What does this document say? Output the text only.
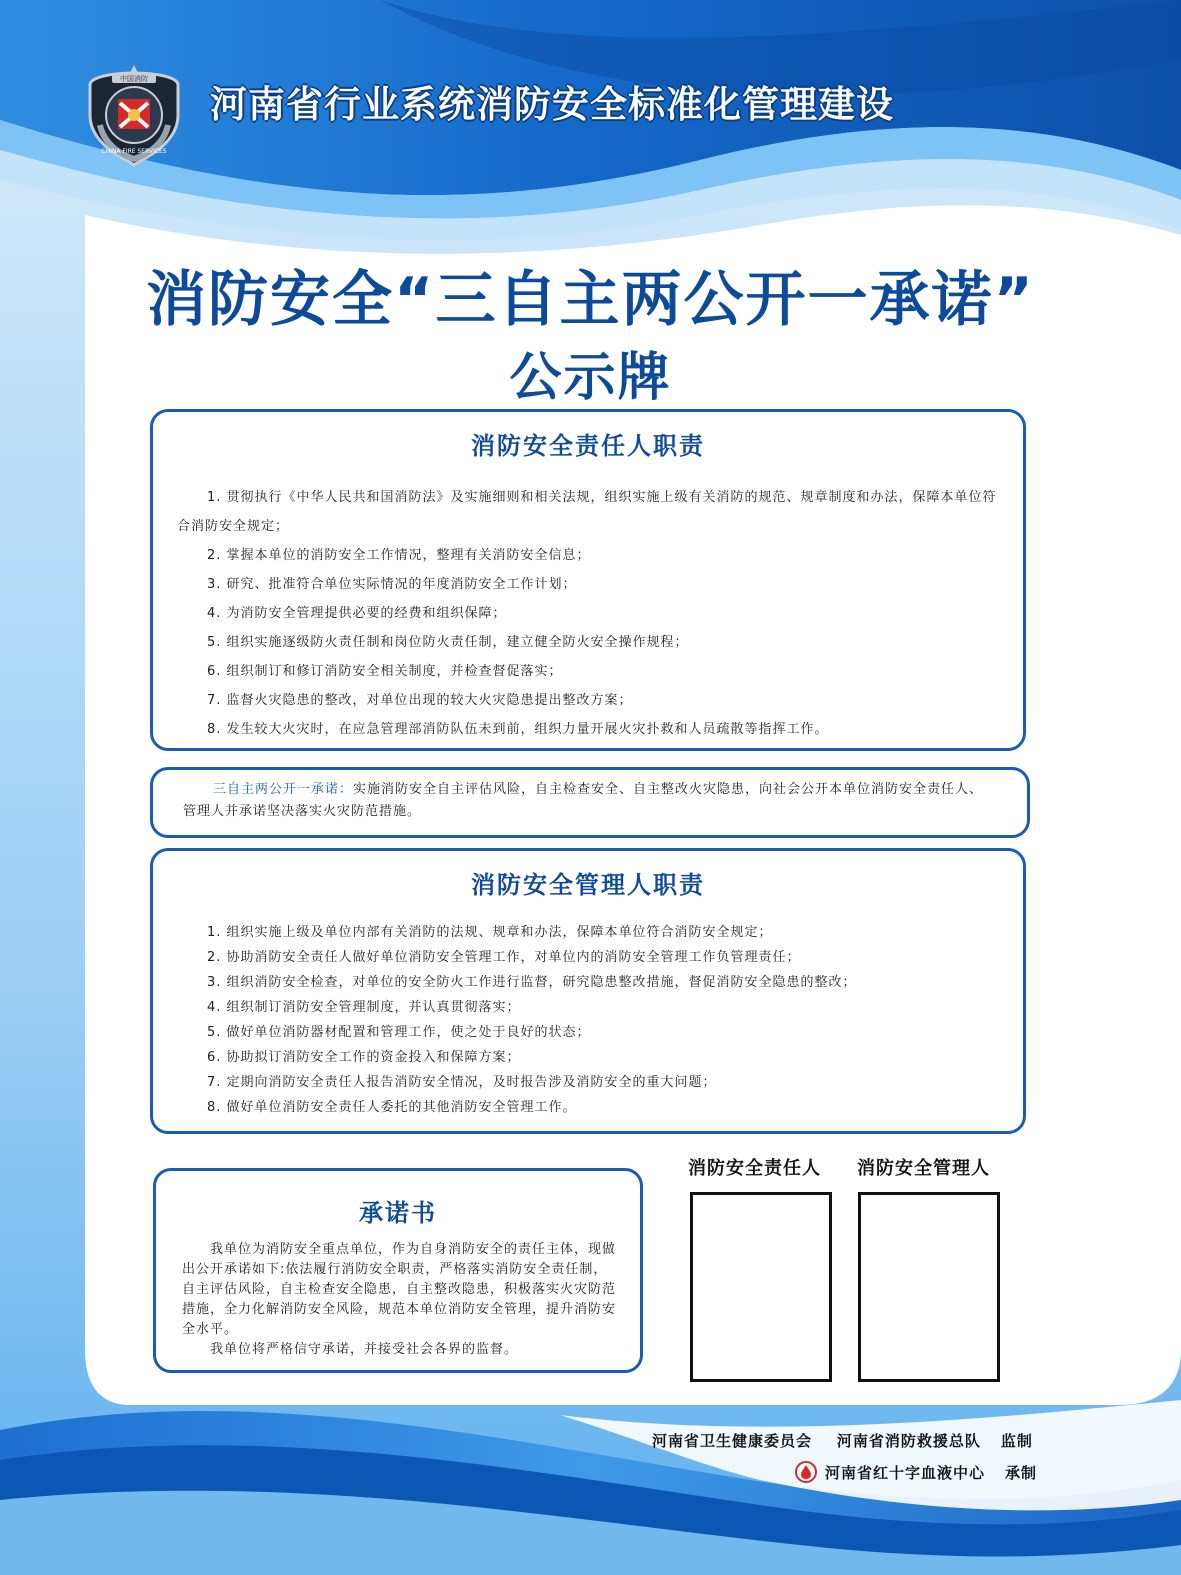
中国消防
CHINA FIRE SERVICES
河南省行业系统消防安全标准化管理建设
消防安全“三自主两公开一承诺”
公示牌
消防安全责任人职责
1. 贯彻执行《中华人民共和国消防法》及实施细则和相关法规，组织实施上级有关消防的规范、规章制度和办法，保障本单位符合消防安全规定；
2. 掌握本单位的消防安全工作情况，整理有关消防安全信息；
3. 研究、批准符合单位实际情况的年度消防安全工作计划；
4. 为消防安全管理提供必要的经费和组织保障；
5. 组织实施逐级防火责任制和岗位防火责任制，建立健全防火安全操作规程；
6. 组织制订和修订消防安全相关制度，并检查督促落实；
7. 监督火灾隐患的整改，对单位出现的较大火灾隐患提出整改方案；
8. 发生较大火灾时，在应急管理部消防队伍未到前，组织力量开展火灾扑救和人员疏散等指挥工作。
三自主两公开一承诺：实施消防安全自主评估风险，自主检查安全、自主整改火灾隐患，向社会公开本单位消防安全责任人、管理人并承诺坚决落实火灾防范措施。
消防安全管理人职责
1. 组织实施上级及单位内部有关消防的法规、规章和办法，保障本单位符合消防安全规定；
2. 协助消防安全责任人做好单位消防安全管理工作，对单位内的消防安全管理工作负管理责任；
3. 组织消防安全检查，对单位的安全防火工作进行监督，研究隐患整改措施，督促消防安全隐患的整改；
4. 组织制订消防安全管理制度，并认真贯彻落实；
5. 做好单位消防器材配置和管理工作，使之处于良好的状态；
6. 协助拟订消防安全工作的资金投入和保障方案；
7. 定期向消防安全责任人报告消防安全情况，及时报告涉及消防安全的重大问题；
8. 做好单位消防安全责任人委托的其他消防安全管理工作。
承诺书

我单位为消防安全重点单位，作为自身消防安全的责任主体，现做出公开承诺如下:依法履行消防安全职责，严格落实消防安全责任制，自主评估风险，自主检查安全隐患，自主整改隐患，积极落实火灾防范措施，全力化解消防安全风险，规范本单位消防安全管理，提升消防安全水平。

我单位将严格信守承诺，并接受社会各界的监督。

消防安全责任人 消防安全管理人
河南省卫生健康委员会    河南省消防救援总队 监制
河南省红十字血液中心 承制
